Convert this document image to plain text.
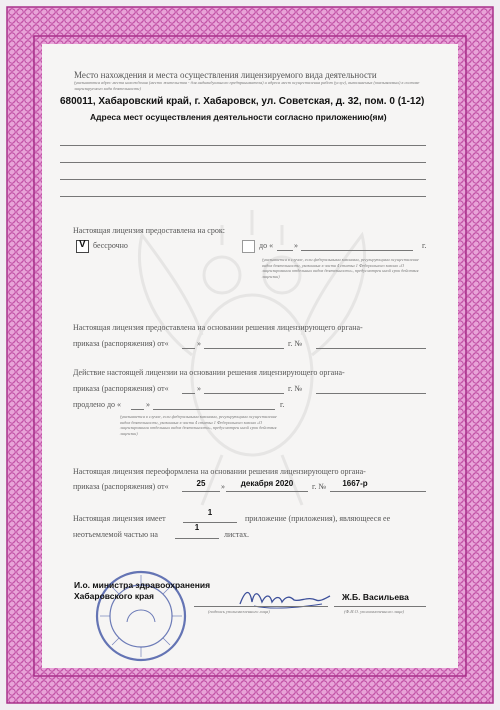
Место нахождения и места осуществления лицензируемого вида деятельности
(указываются адрес места нахождения (место жительства - для индивидуального предпринимателя) и адреса мест осуществления работ (услуг), выполняемых (оказываемых) в составе лицензируемого вида деятельности)
680011, Хабаровский край, г. Хабаровск, ул. Советская, д. 32, пом. 0 (1-12)
Адреса мест осуществления деятельности согласно приложению(ям)
Настоящая лицензия предоставлена на срок:
V бессрочно	до «	»	г.
(указывается в случае, если федеральными законами, регулирующими осуществление видов деятельности, указанных в части 4 статьи 1 Федерального закона «О лицензировании отдельных видов деятельности», предусмотрен иной срок действия лицензии)
Настоящая лицензия предоставлена на основании решения лицензирующего органа-
приказа (распоряжения) от«	»	г. №
Действие настоящей лицензии на основании решения лицензирующего органа-
приказа (распоряжения) от«	»	г. №
продлено до «	»	г.
(указывается в случае, если федеральными законами, регулирующими осуществление видов деятельности, указанных в части 4 статьи 1 Федерального закона «О лицензировании отдельных видов деятельности», предусмотрен иной срок действия лицензии)
Настоящая лицензия переоформлена на основании решения лицензирующего органа-
приказа (распоряжения) от«	25	»	декабря 2020	г. №	1667-р
Настоящая лицензия имеет
1
приложение (приложения), являющееся ее
неотъемлемой частью на
1
листах.
И.о. министра здравоохранения
Хабаровского края
(подпись уполномоченного лица)
Ж.Б. Васильева
(Ф.И.О. уполномоченного лица)
